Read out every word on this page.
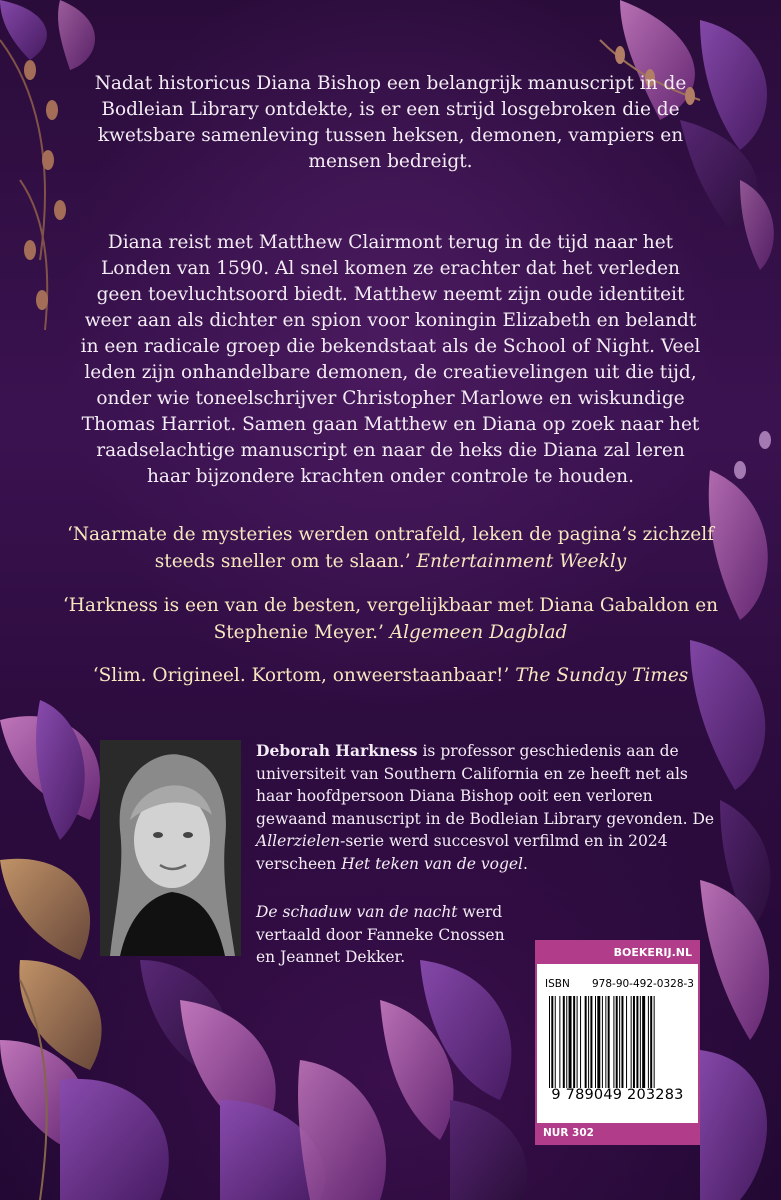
Nadat historicus Diana Bishop een belangrijk manuscript in de Bodleian Library ontdekte, is er een strijd losgebroken die de kwetsbare samenleving tussen heksen, demonen, vampiers en mensen bedreigt.

Diana reist met Matthew Clairmont terug in de tijd naar het Londen van 1590. Al snel komen ze erachter dat het verleden geen toevluchtsoord biedt. Matthew neemt zijn oude identiteit weer aan als dichter en spion voor koningin Elizabeth en belandt in een radicale groep die bekendstaat als de School of Night. Veel leden zijn onhandelbare demonen, de creatievelingen uit die tijd, onder wie toneelschrijver Christopher Marlowe en wiskundige Thomas Harriot. Samen gaan Matthew en Diana op zoek naar het raadselachtige manuscript en naar de heks die Diana zal leren haar bijzondere krachten onder controle te houden.

‘Naarmate de mysteries werden ontrafeld, leken de pagina’s zichzelf steeds sneller om te slaan.’ Entertainment Weekly

‘Harkness is een van de besten, vergelijkbaar met Diana Gabaldon en Stephenie Meyer.’ Algemeen Dagblad

‘Slim. Origineel. Kortom, onweerstaanbaar!’ The Sunday Times

Deborah Harkness is professor geschiedenis aan de universiteit van Southern California en ze heeft net als haar hoofdpersoon Diana Bishop ooit een verloren gewaand manuscript in de Bodleian Library gevonden. De Allerzielen-serie werd succesvol verfilmd en in 2024 verscheen Het teken van de vogel.

De schaduw van de nacht werd vertaald door Fanneke Cnossen en Jeannet Dekker.	BOEKERIJ.NL
ISBN 978-90-492-0328-3
9 789049 203283
NUR 302
